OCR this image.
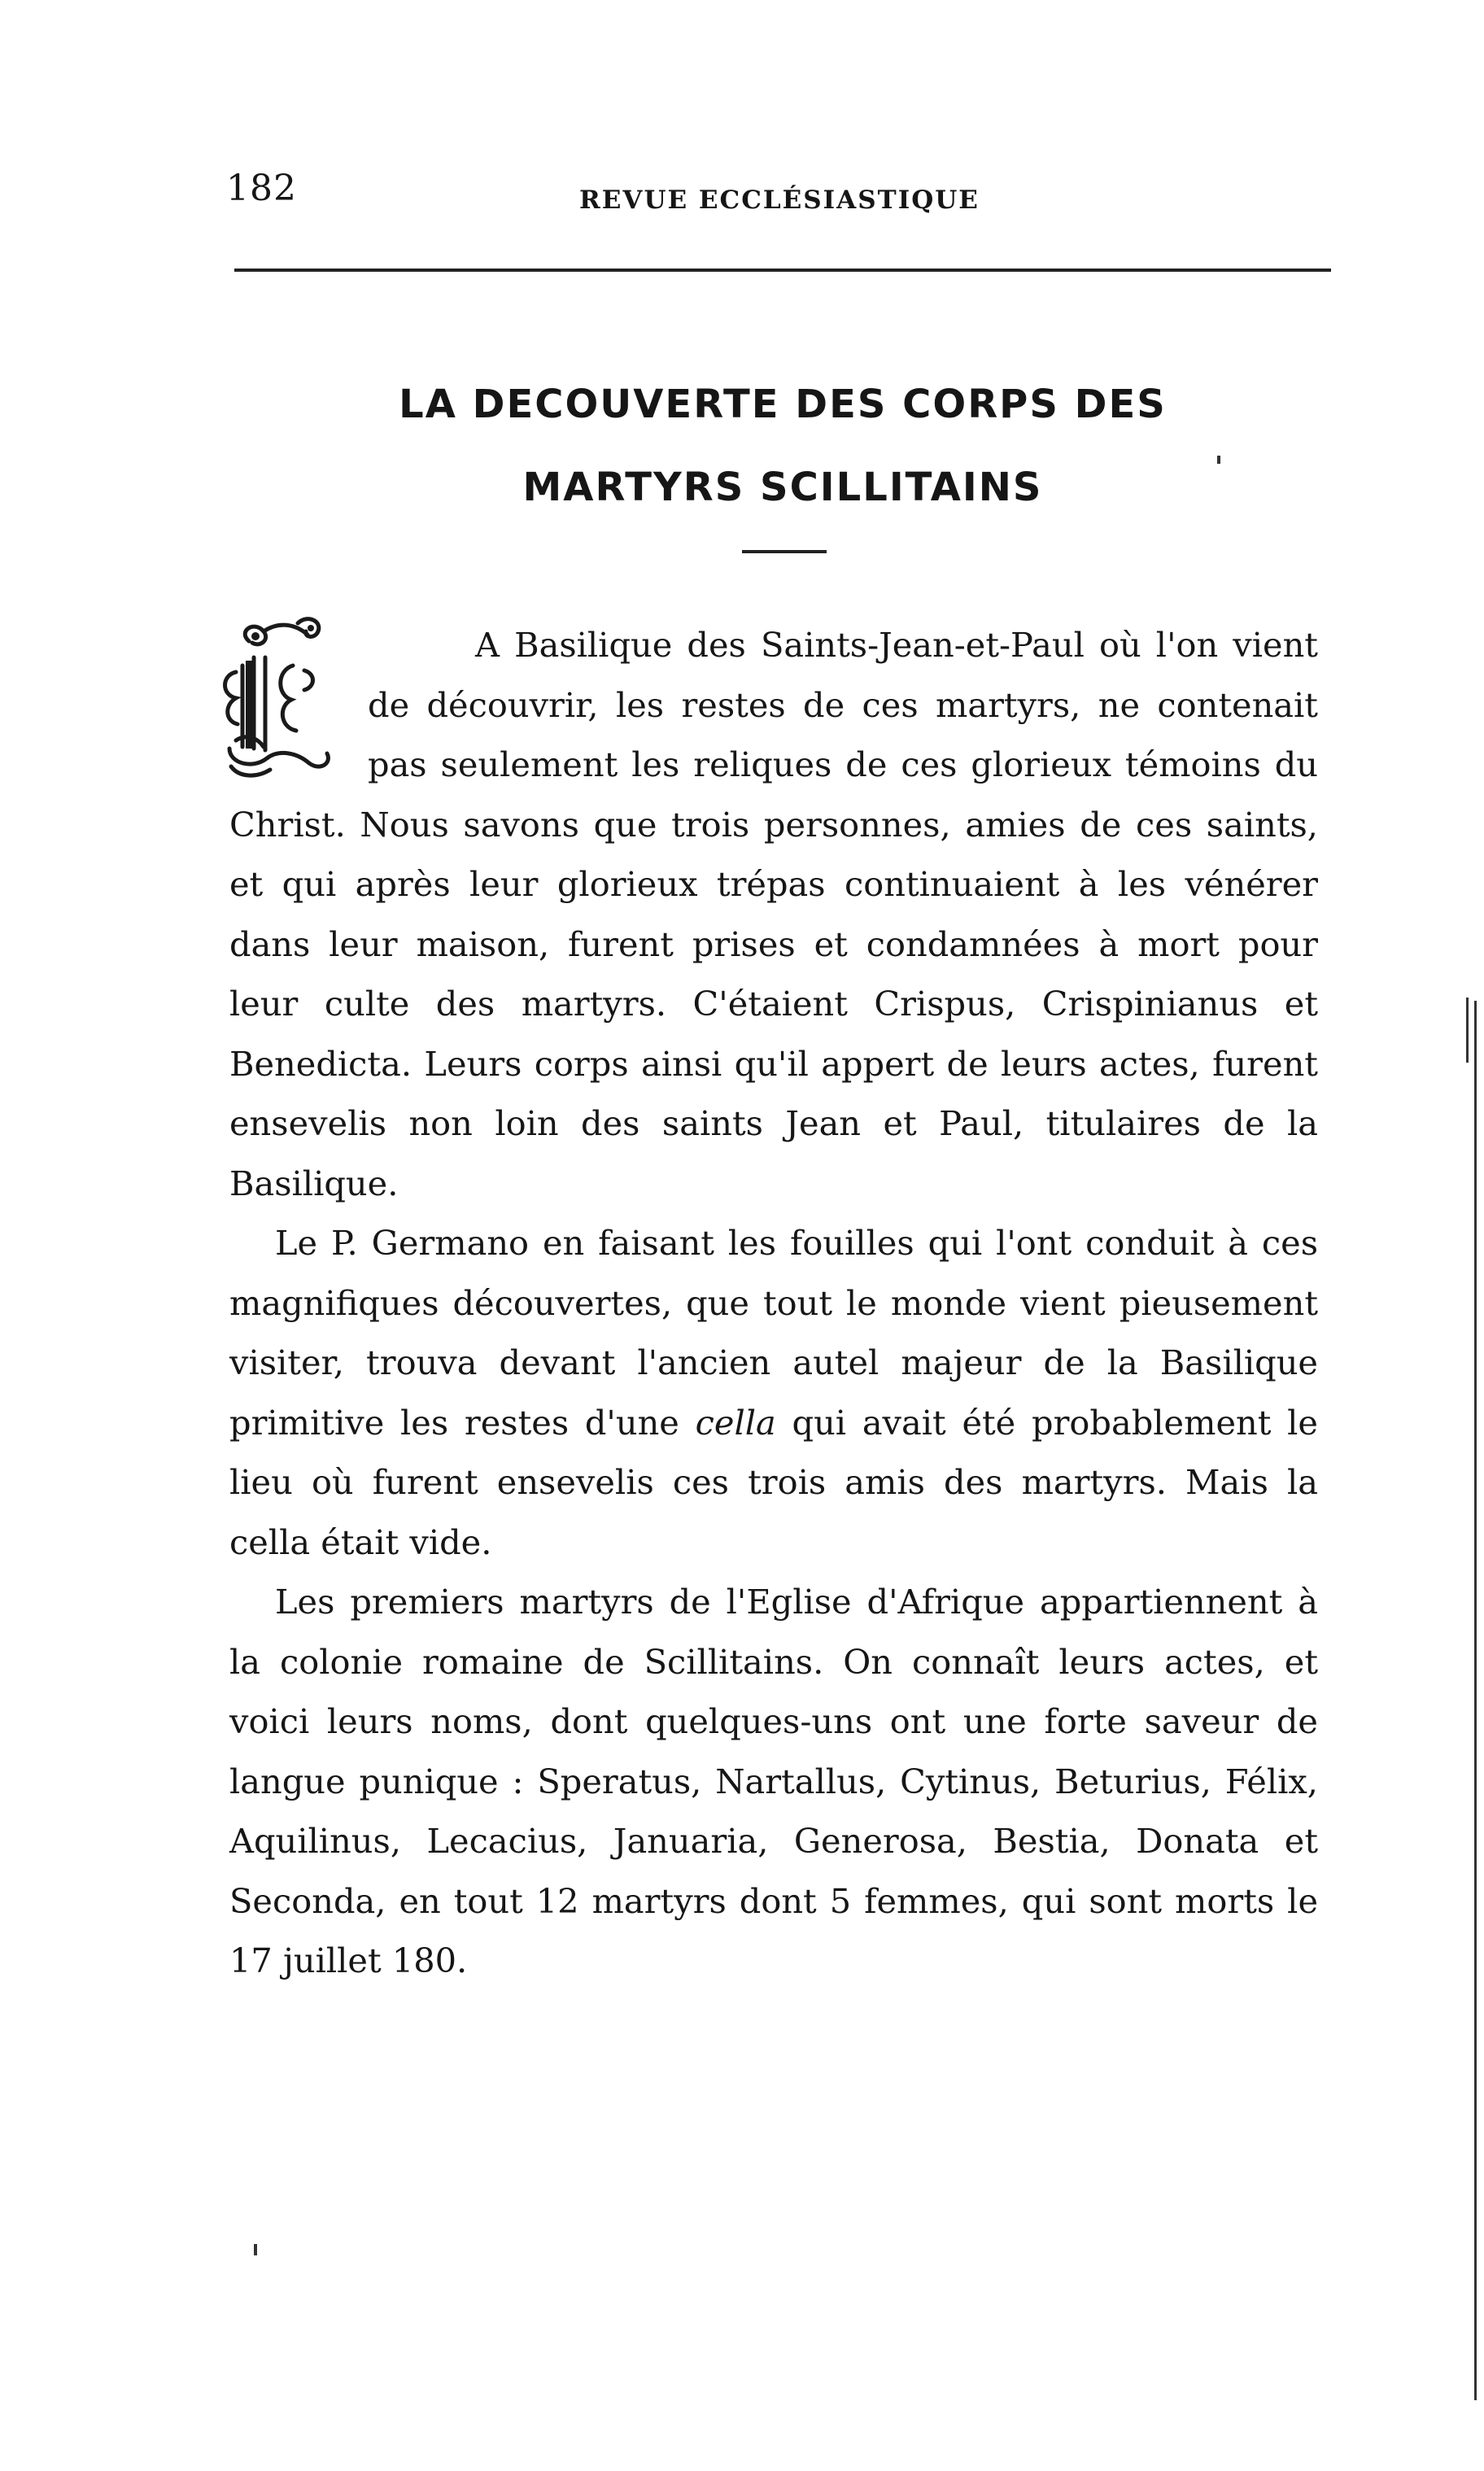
182	REVUE ECCLÉSIASTIQUE
LA DECOUVERTE DES CORPS DES
MARTYRS SCILLITAINS

A Basilique des Saints-Jean-et-Paul où l'on vient de découvrir, les restes de ces martyrs, ne contenait pas seulement les reliques de ces glorieux témoins du Christ. Nous savons que trois personnes, amies de ces saints, et qui après leur glorieux trépas continuaient à les vénérer dans leur maison, furent prises et condamnées à mort pour leur culte des martyrs. C'étaient Crispus, Crispinianus et Benedicta. Leurs corps ainsi qu'il appert de leurs actes, furent ensevelis non loin des saints Jean et Paul, titulaires de la Basilique.

Le P. Germano en faisant les fouilles qui l'ont conduit à ces magnifiques découvertes, que tout le monde vient pieusement visiter, trouva devant l'ancien autel majeur de la Basilique primitive les restes d'une cella qui avait été probablement le lieu où furent ensevelis ces trois amis des martyrs. Mais la cella était vide.

Les premiers martyrs de l'Eglise d'Afrique appartiennent à la colonie romaine de Scillitains. On connaît leurs actes, et voici leurs noms, dont quelques-uns ont une forte saveur de langue punique : Speratus, Nartallus, Cytinus, Beturius, Félix, Aquilinus, Lecacius, Januaria, Generosa, Bestia, Donata et Seconda, en tout 12 martyrs dont 5 femmes, qui sont morts le 17 juillet 180.
